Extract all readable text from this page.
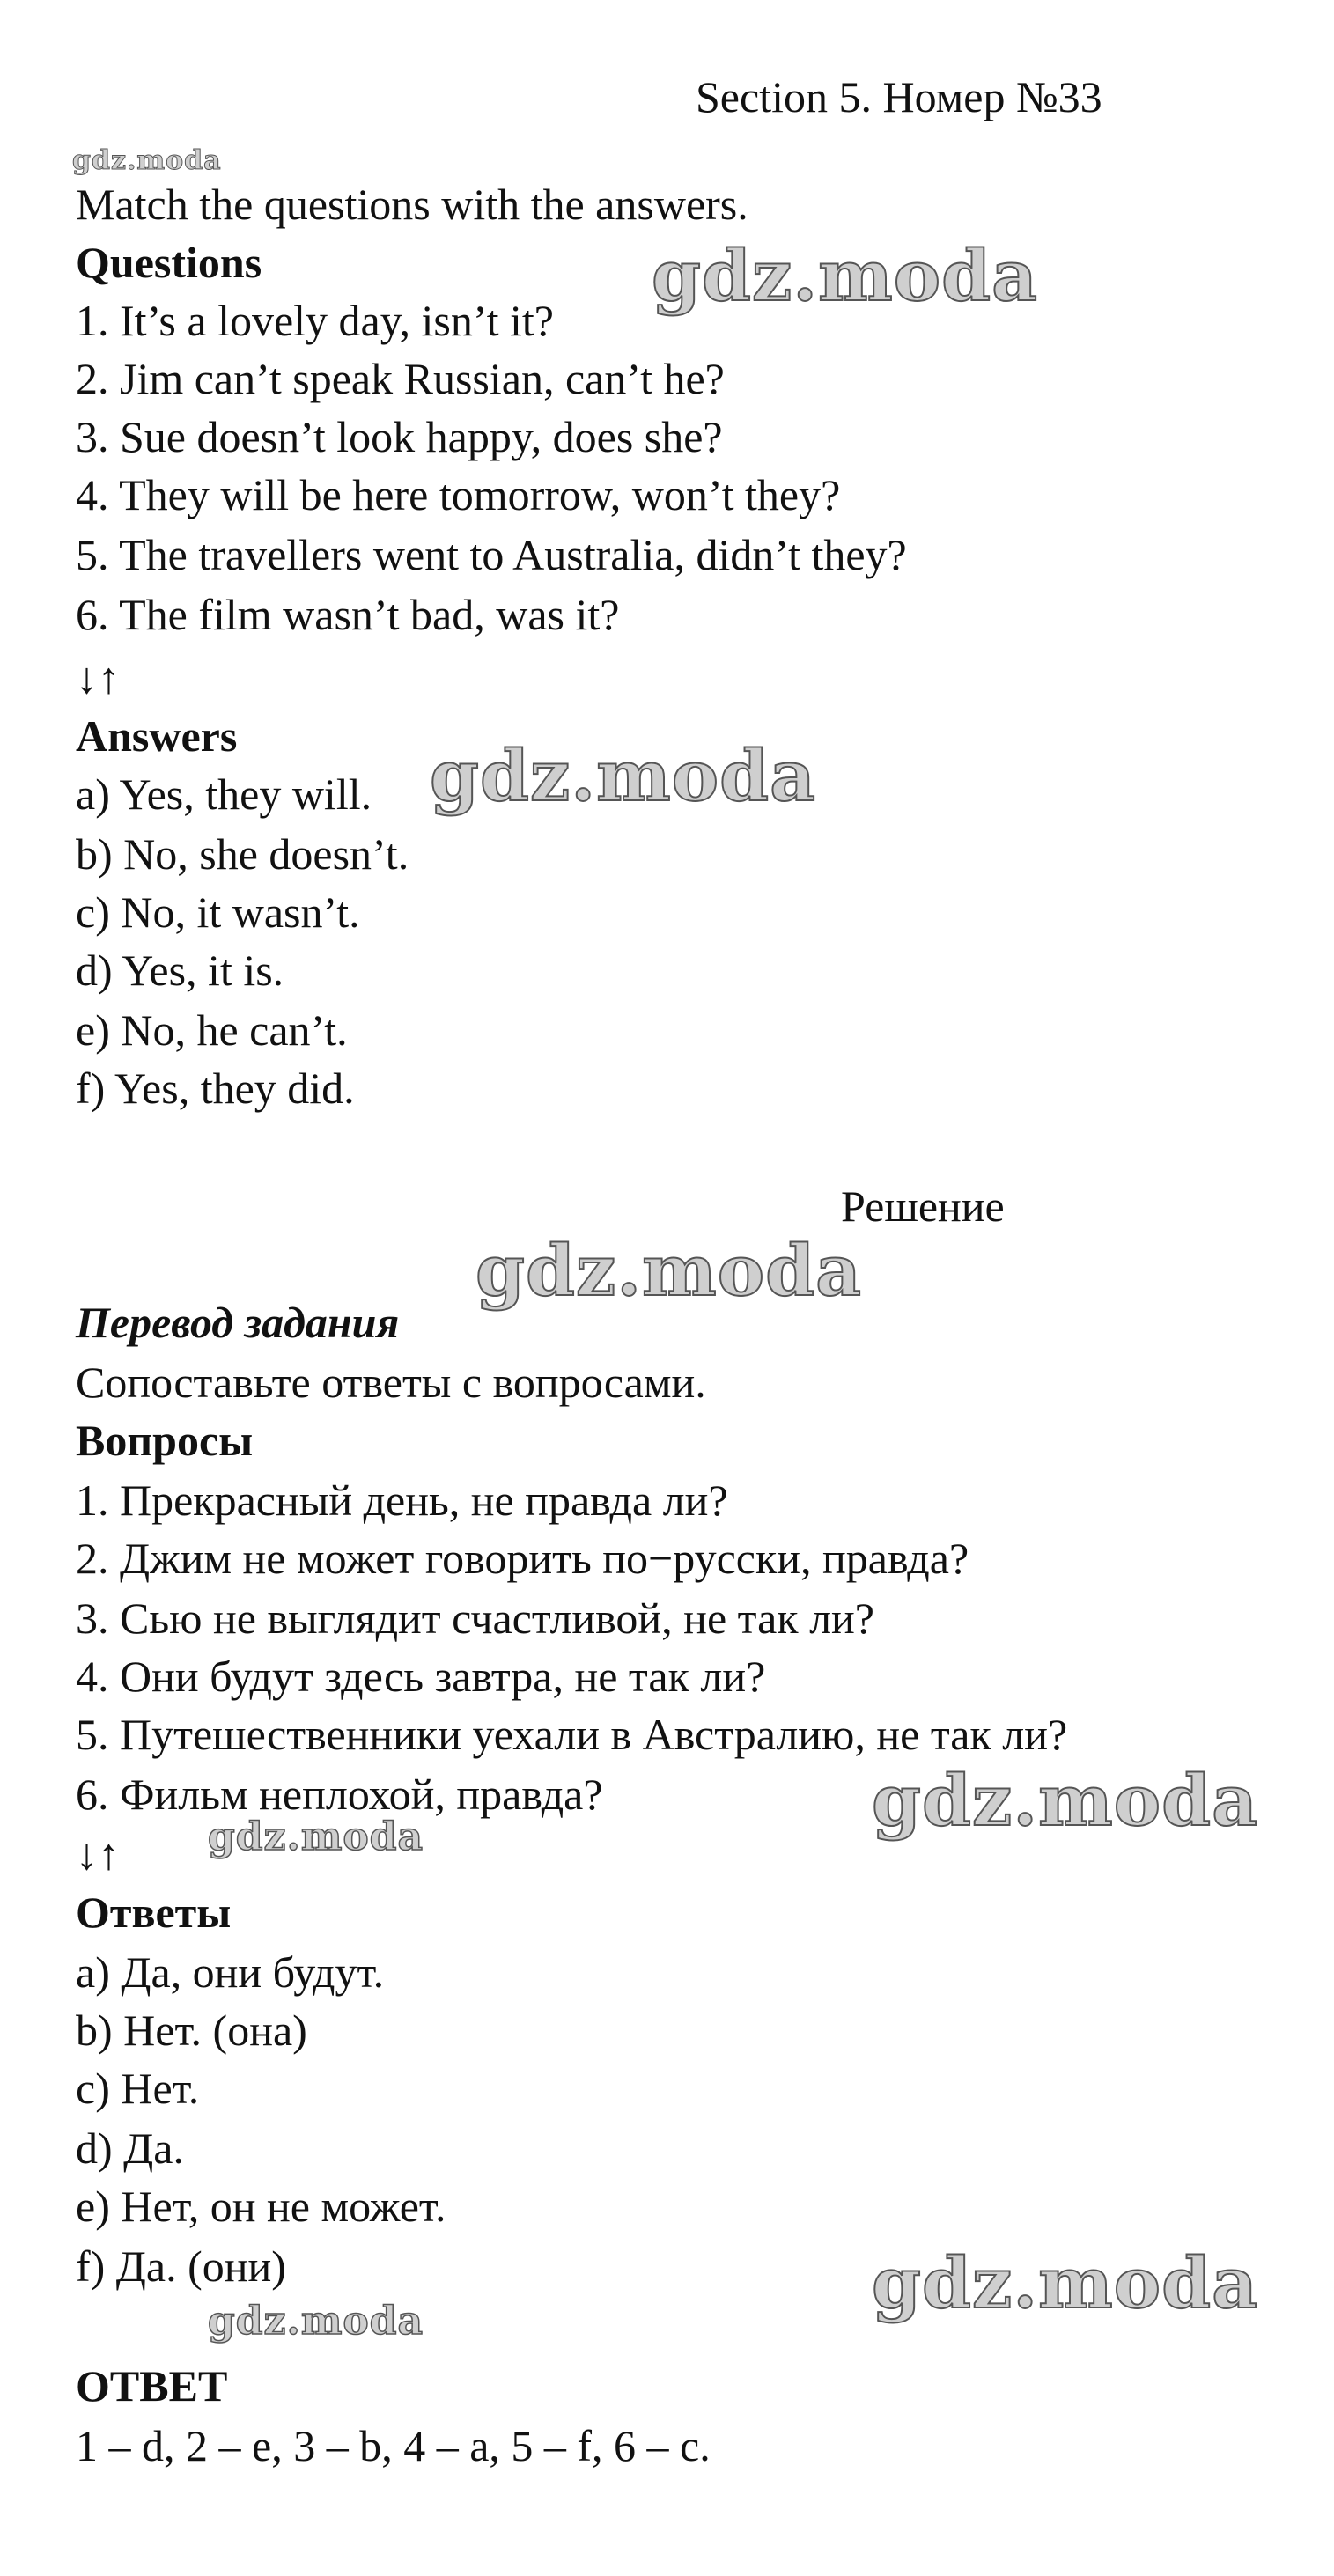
Section 5. Номер №33
gdz.moda
Match the questions with the answers.
Questions
1. It’s a lovely day, isn’t it?
2. Jim can’t speak Russian, can’t he?
3. Sue doesn’t look happy, does she?
4. They will be here tomorrow, won’t they?
5. The travellers went to Australia, didn’t they?
6. The film wasn’t bad, was it?
gdz.moda
↓↑
Answers
a) Yes, they will.
b) No, she doesn’t.
c) No, it wasn’t.
d) Yes, it is.
e) No, he can’t.
f) Yes, they did.
gdz.moda
Решение
gdz.moda
Перевод задания
Сопоставьте ответы с вопросами.
Вопросы
1. Прекрасный день, не правда ли?
2. Джим не может говорить по−русски, правда?
3. Сью не выглядит счастливой, не так ли?
4. Они будут здесь завтра, не так ли?
5. Путешественники уехали в Австралию, не так ли?
6. Фильм неплохой, правда?	gdz.moda
gdz.moda
↓↑
Ответы
a) Да, они будут.
b) Нет. (она)
c) Нет.
d) Да.
e) Нет, он не может.
f) Да. (они)	gdz.moda
gdz.moda
ОТВЕТ
1 – d, 2 – e, 3 – b, 4 – a, 5 – f, 6 – c.
